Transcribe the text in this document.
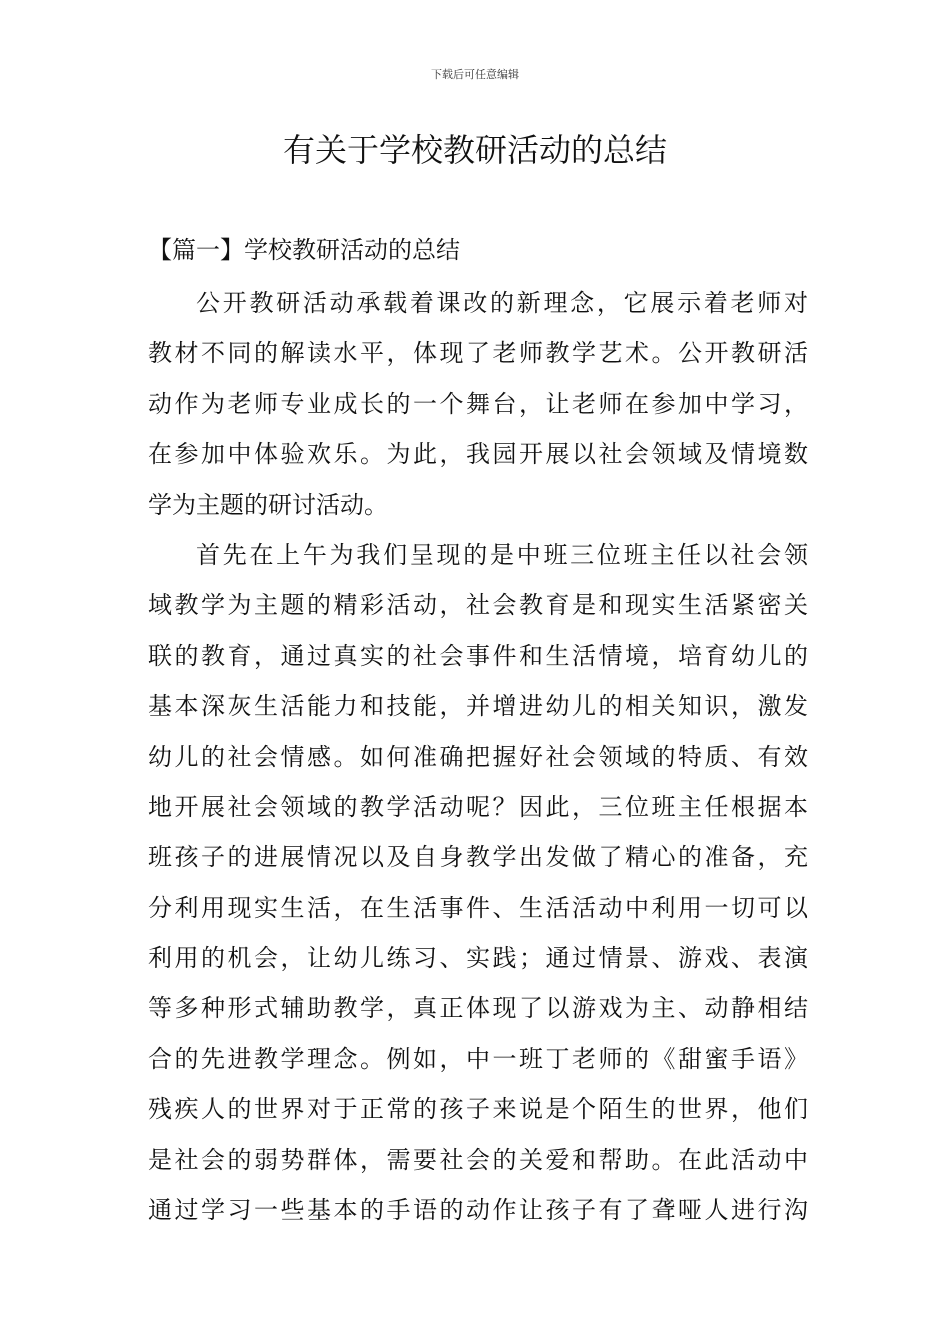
下载后可任意编辑
有关于学校教研活动的总结
【篇一】学校教研活动的总结
公开教研活动承载着课改的新理念，它展示着老师对
教材不同的解读水平，体现了老师教学艺术。公开教研活
动作为老师专业成长的一个舞台，让老师在参加中学习，
在参加中体验欢乐。为此，我园开展以社会领域及情境数
学为主题的研讨活动。
首先在上午为我们呈现的是中班三位班主任以社会领
域教学为主题的精彩活动，社会教育是和现实生活紧密关
联的教育，通过真实的社会事件和生活情境，培育幼儿的
基本深灰生活能力和技能，并增进幼儿的相关知识，激发
幼儿的社会情感。如何准确把握好社会领域的特质、有效
地开展社会领域的教学活动呢？因此，三位班主任根据本
班孩子的进展情况以及自身教学出发做了精心的准备，充
分利用现实生活，在生活事件、生活活动中利用一切可以
利用的机会，让幼儿练习、实践；通过情景、游戏、表演
等多种形式辅助教学，真正体现了以游戏为主、动静相结
合的先进教学理念。例如，中一班丁老师的《甜蜜手语》
残疾人的世界对于正常的孩子来说是个陌生的世界，他们
是社会的弱势群体，需要社会的关爱和帮助。在此活动中
通过学习一些基本的手语的动作让孩子有了聋哑人进行沟
